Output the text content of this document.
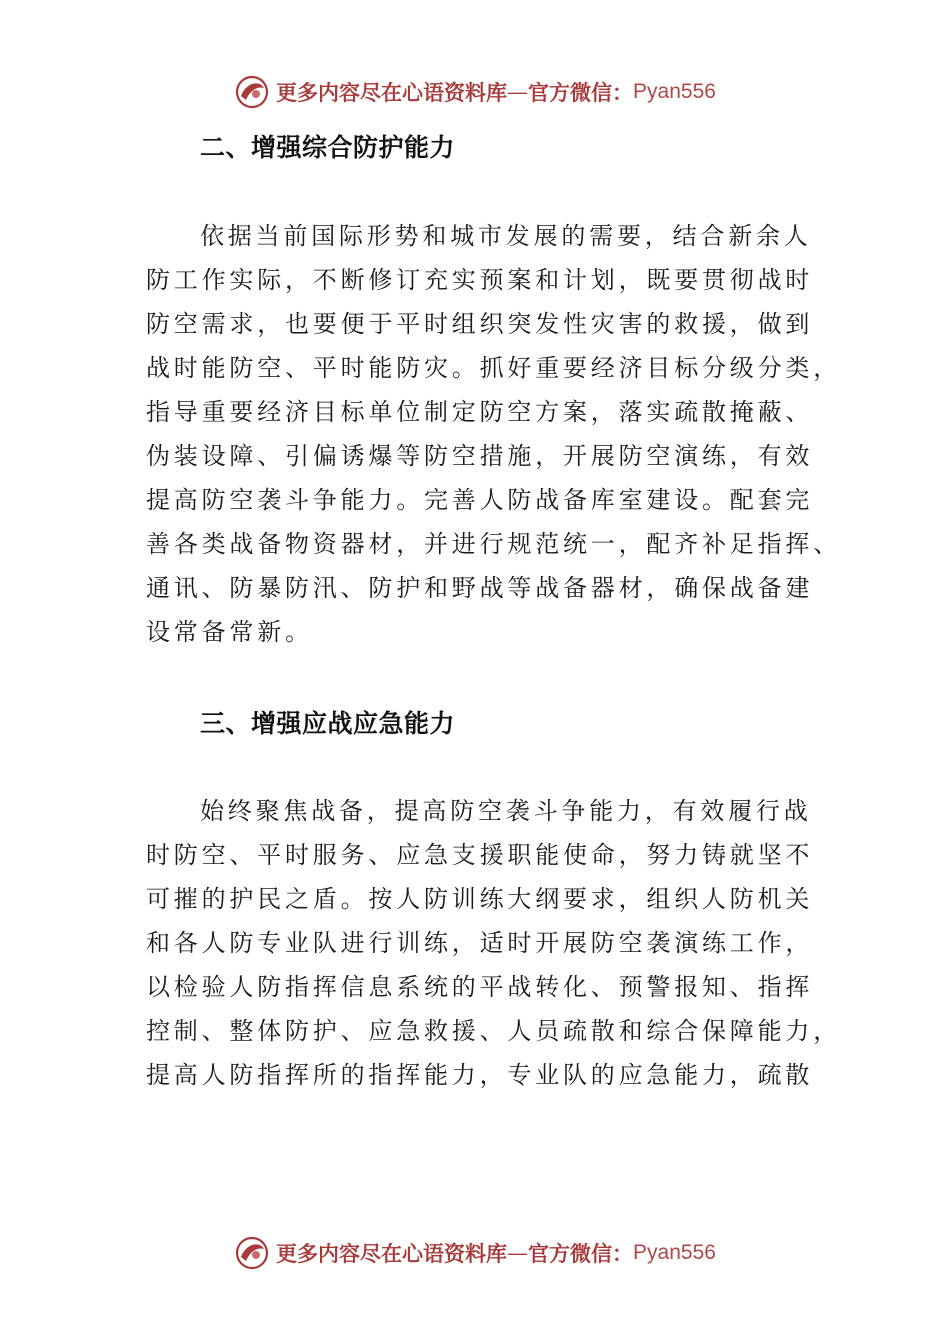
更多内容尽在心语资料库 — 官方微信： Pyan556
二、增强综合防护能力
依据当前国际形势和城市发展的需要，结合新余人
防工作实际，不断修订充实预案和计划，既要贯彻战时
防空需求，也要便于平时组织突发性灾害的救援，做到
战时能防空、平时能防灾。抓好重要经济目标分级分类，
指导重要经济目标单位制定防空方案，落实疏散掩蔽、
伪装设障、引偏诱爆等防空措施，开展防空演练，有效
提高防空袭斗争能力。完善人防战备库室建设。配套完
善各类战备物资器材，并进行规范统一，配齐补足指挥、
通讯、防暴防汛、防护和野战等战备器材，确保战备建
设常备常新。
三、增强应战应急能力
始终聚焦战备，提高防空袭斗争能力，有效履行战
时防空、平时服务、应急支援职能使命，努力铸就坚不
可摧的护民之盾。按人防训练大纲要求，组织人防机关
和各人防专业队进行训练，适时开展防空袭演练工作，
以检验人防指挥信息系统的平战转化、预警报知、指挥
控制、整体防护、应急救援、人员疏散和综合保障能力，
提高人防指挥所的指挥能力，专业队的应急能力，疏散
更多内容尽在心语资料库 — 官方微信： Pyan556
